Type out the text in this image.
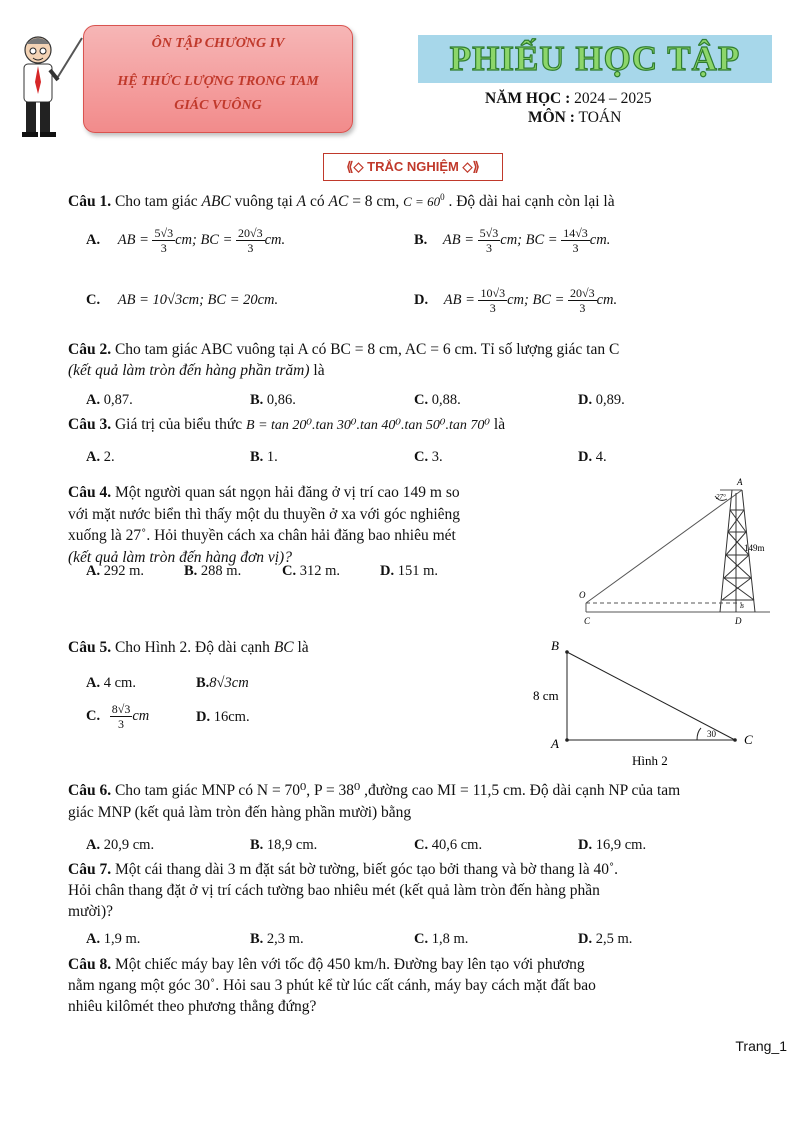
ÔN TẬP CHƯƠNG IV
HỆ THỨC LƯỢNG TRONG TAM
GIÁC VUÔNG
PHIẾU HỌC TẬP
NĂM HỌC : 2024 – 2025
MÔN : TOÁN
⟪◇ TRẮC NGHIỆM ◇⟫
Câu 1. Cho tam giác ABC vuông tại A có AC = 8 cm, $C = 60^0$ . Độ dài hai cạnh còn lại là
A. AB = $\frac{5√3}{3}$ cm; BC = $\frac{20√3}{3}$ cm.	B. AB = $\frac{5√3}{3}$ cm; BC = $\frac{14√3}{3}$ cm.
C. AB = 10√3cm; BC = 20cm.	D. AB = $\frac{10√3}{3}$ cm; BC = $\frac{20√3}{3}$ cm.
Câu 2. Cho tam giác ABC vuông tại A có BC = 8 cm, AC = 6 cm. Tỉ số lượng giác tan C
(kết quả làm tròn đến hàng phần trăm) là
A. 0,87.	B. 0,86.	C. 0,88.	D. 0,89.
Câu 3. Giá trị của biểu thức B = tan 20⁰.tan 30⁰.tan 40⁰.tan 50⁰.tan 70⁰ là
A. 2.	B. 1.	C. 3.	D. 4.
Câu 4. Một người quan sát ngọn hải đăng ở vị trí cao 149 m so
với mặt nước biển thì thấy một du thuyền ở xa với góc nghiêng
xuống là 27˚. Hỏi thuyền cách xa chân hải đăng bao nhiêu mét
(kết quả làm tròn đến hàng đơn vị)?
A. 292 m.	B. 288 m.	C. 312 m.	D. 151 m.
27°
A
149m
O
C	D
B
Câu 5. Cho Hình 2. Độ dài cạnh BC là
A. 4 cm.	B.8√3cm
C. $\frac{8√3}{3}$ cm	D. 16cm.
B
A	C
8 cm
30
Hình 2
Câu 6. Cho tam giác MNP có N = 70⁰, P = 38⁰ ,đường cao MI = 11,5 cm. Độ dài cạnh NP của tam
giác MNP (kết quả làm tròn đến hàng phần mười) bằng
A. 20,9 cm.	B. 18,9 cm.	C. 40,6 cm.	D. 16,9 cm.
Câu 7. Một cái thang dài 3 m đặt sát bờ tường, biết góc tạo bởi thang và bờ thang là 40˚.
Hỏi chân thang đặt ở vị trí cách tường bao nhiêu mét (kết quả làm tròn đến hàng phần
mười)?
A. 1,9 m.	B. 2,3 m.	C. 1,8 m.	D. 2,5 m.
Câu 8. Một chiếc máy bay lên với tốc độ 450 km/h. Đường bay lên tạo với phương
nằm ngang một góc 30˚. Hỏi sau 3 phút kể từ lúc cất cánh, máy bay cách mặt đất bao
nhiêu kilômét theo phương thẳng đứng?
Trang_1
